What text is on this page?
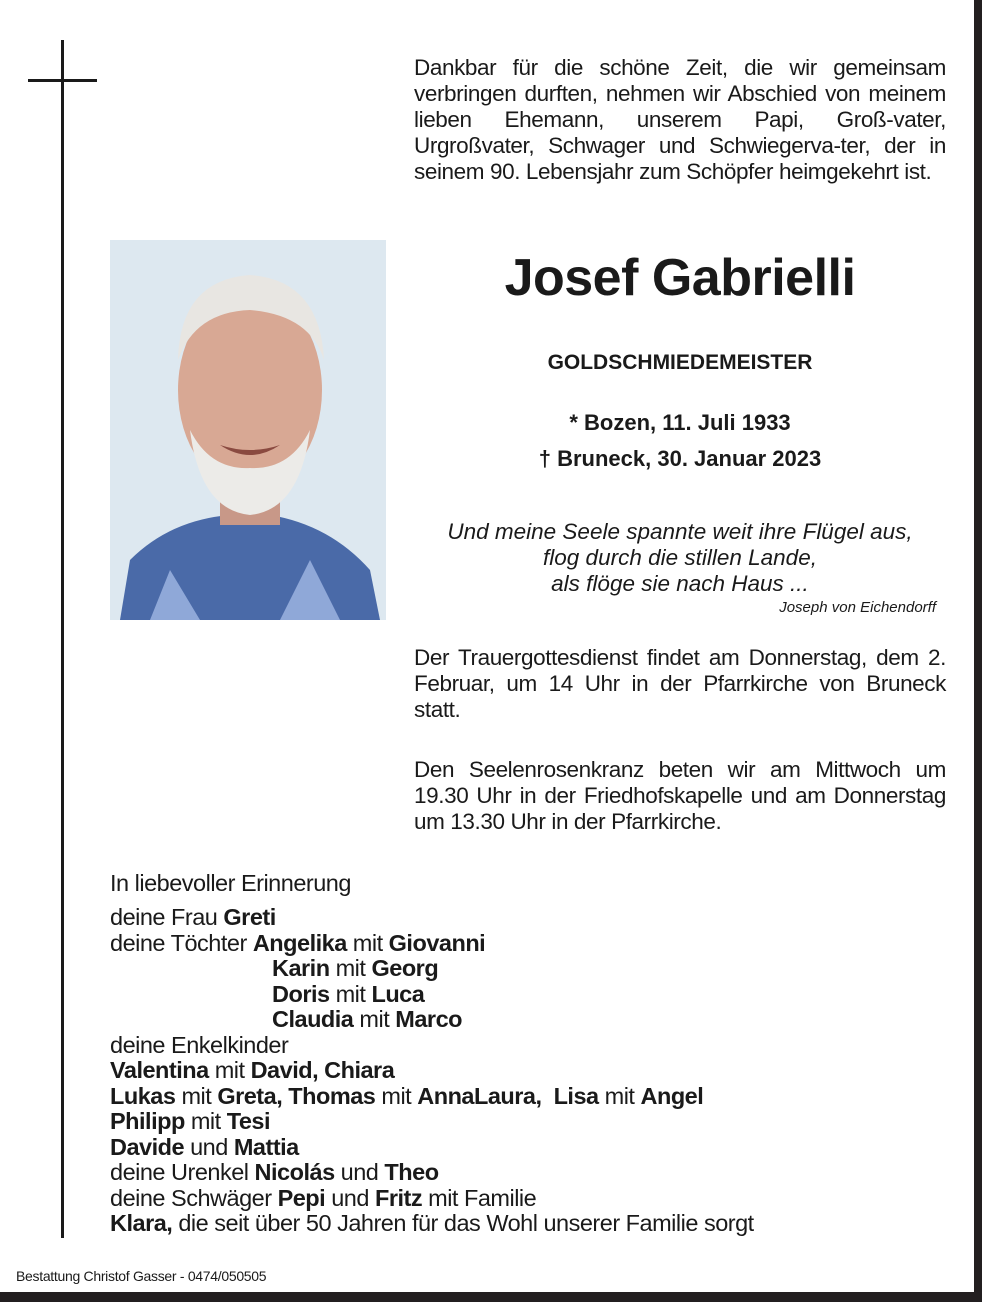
Dankbar für die schöne Zeit, die wir gemeinsam verbringen durften, nehmen wir Abschied von meinem lieben Ehemann, unserem Papi, Groß-vater, Urgroßvater, Schwager und Schwiegerva-ter, der in seinem 90. Lebensjahr zum Schöpfer heimgekehrt ist.
Josef Gabrielli
GOLDSCHMIEDEMEISTER
* Bozen, 11. Juli 1933
† Bruneck, 30. Januar 2023
Und meine Seele spannte weit ihre Flügel aus,
flog durch die stillen Lande,
als flöge sie nach Haus ...
Joseph von Eichendorff
Der Trauergottesdienst findet am Donnerstag, dem 2. Februar, um 14 Uhr in der Pfarrkirche von Bruneck statt.
Den Seelenrosenkranz beten wir am Mittwoch um 19.30 Uhr in der Friedhofskapelle und am Donnerstag um 13.30 Uhr in der Pfarrkirche.
In liebevoller Erinnerung
deine Frau Greti
deine Töchter Angelika mit Giovanni
Karin mit Georg
Doris mit Luca
Claudia mit Marco
deine Enkelkinder
Valentina mit David, Chiara
Lukas mit Greta, Thomas mit AnnaLaura,  Lisa mit Angel
Philipp mit Tesi
Davide und Mattia
deine Urenkel Nicolás und Theo
deine Schwäger Pepi und Fritz mit Familie
Klara, die seit über 50 Jahren für das Wohl unserer Familie sorgt
Bestattung Christof Gasser - 0474/050505
